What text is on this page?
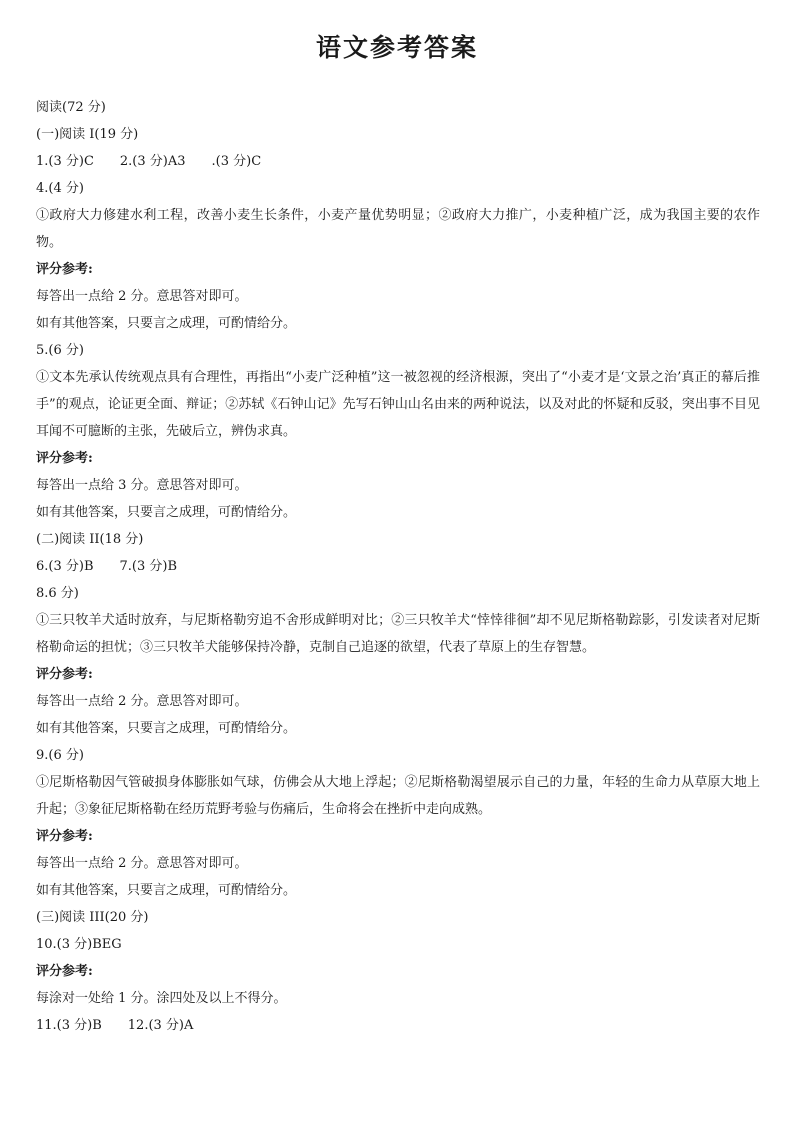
语文参考答案
阅读(72 分)
(一)阅读 I(19 分)
1.(3 分)C 2.(3 分)A3 .(3 分)C
4.(4 分)
①政府大力修建水利工程，改善小麦生长条件，小麦产量优势明显；②政府大力推广，小麦种植广泛，成为我国主要的农作物。
评分参考:
每答出一点给 2 分。意思答对即可。
如有其他答案，只要言之成理，可酌情给分。
5.(6 分)
①文本先承认传统观点具有合理性，再指出“小麦广泛种植”这一被忽视的经济根源，突出了“小麦才是‘文景之治’真正的幕后推手”的观点，论证更全面、辩证；②苏轼《石钟山记》先写石钟山山名由来的两种说法，以及对此的怀疑和反驳，突出事不目见耳闻不可臆断的主张，先破后立，辨伪求真。
评分参考:
每答出一点给 3 分。意思答对即可。
如有其他答案，只要言之成理，可酌情给分。
(二)阅读 II(18 分)
6.(3 分)B 7.(3 分)B
8.6 分)
①三只牧羊犬适时放弃，与尼斯格勒穷追不舍形成鲜明对比；②三只牧羊犬“悻悻徘徊”却不见尼斯格勒踪影，引发读者对尼斯格勒命运的担忧；③三只牧羊犬能够保持冷静，克制自己追逐的欲望，代表了草原上的生存智慧。
评分参考:
每答出一点给 2 分。意思答对即可。
如有其他答案，只要言之成理，可酌情给分。
9.(6 分)
①尼斯格勒因气管破损身体膨胀如气球，仿佛会从大地上浮起；②尼斯格勒渴望展示自己的力量，年轻的生命力从草原大地上升起；③象征尼斯格勒在经历荒野考验与伤痛后，生命将会在挫折中走向成熟。
评分参考:
每答出一点给 2 分。意思答对即可。
如有其他答案，只要言之成理，可酌情给分。
(三)阅读 III(20 分)
10.(3 分)BEG
评分参考:
每涂对一处给 1 分。涂四处及以上不得分。
11.(3 分)B 12.(3 分)A
